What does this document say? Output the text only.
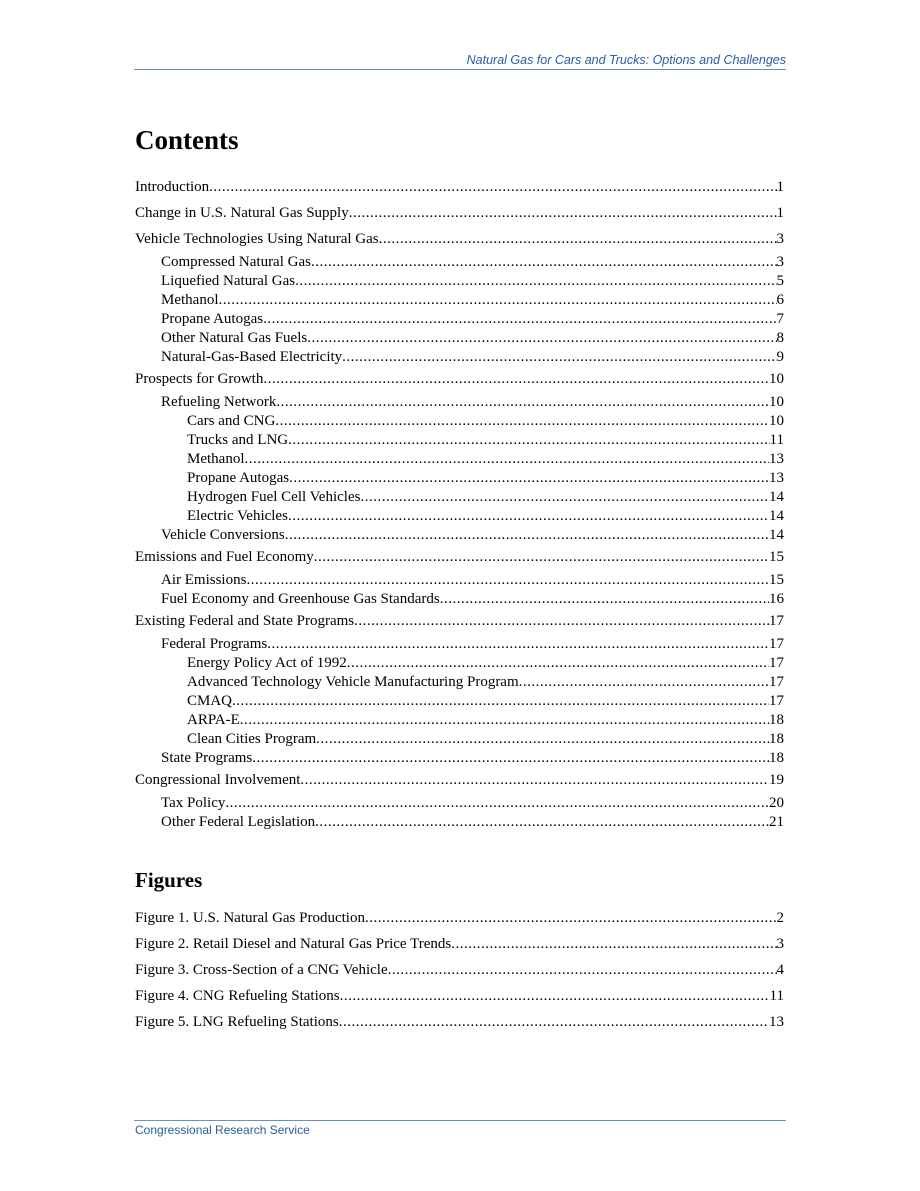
Natural Gas for Cars and Trucks: Options and Challenges
Contents
Introduction .....	1
Change in U.S. Natural Gas Supply .....	1
Vehicle Technologies Using Natural Gas .....	3
Compressed Natural Gas .....	3
Liquefied Natural Gas .....	5
Methanol .....	6
Propane Autogas .....	7
Other Natural Gas Fuels .....	8
Natural-Gas-Based Electricity .....	9
Prospects for Growth .....	10
Refueling Network .....	10
Cars and CNG .....	10
Trucks and LNG .....	11
Methanol .....	13
Propane Autogas .....	13
Hydrogen Fuel Cell Vehicles .....	14
Electric Vehicles .....	14
Vehicle Conversions .....	14
Emissions and Fuel Economy .....	15
Air Emissions .....	15
Fuel Economy and Greenhouse Gas Standards .....	16
Existing Federal and State Programs .....	17
Federal Programs .....	17
Energy Policy Act of 1992 .....	17
Advanced Technology Vehicle Manufacturing Program .....	17
CMAQ .....	17
ARPA-E .....	18
Clean Cities Program .....	18
State Programs .....	18
Congressional Involvement .....	19
Tax Policy .....	20
Other Federal Legislation .....	21
Figures
Figure 1. U.S. Natural Gas Production .....	2
Figure 2. Retail Diesel and Natural Gas Price Trends .....	3
Figure 3. Cross-Section of a CNG Vehicle .....	4
Figure 4. CNG Refueling Stations .....	11
Figure 5. LNG Refueling Stations .....	13
Congressional Research Service
